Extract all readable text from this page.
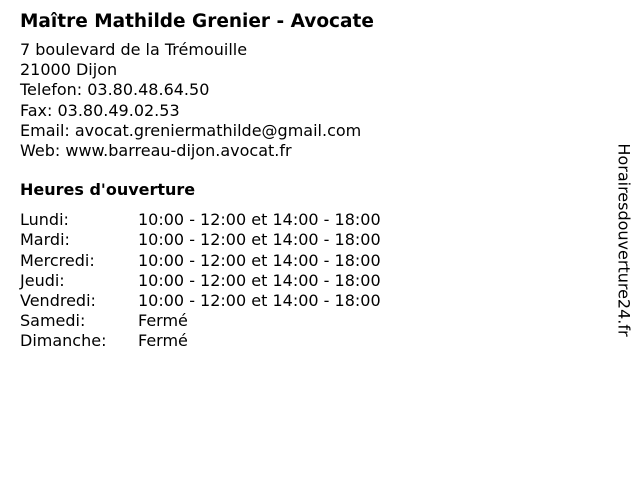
Maître Mathilde Grenier - Avocate
7 boulevard de la Trémouille
21000 Dijon
Telefon: 03.80.48.64.50
Fax: 03.80.49.02.53
Email: avocat.greniermathilde@gmail.com
Web: www.barreau-dijon.avocat.fr
Heures d'ouverture
Lundi:	10:00 - 12:00 et 14:00 - 18:00
Mardi:	10:00 - 12:00 et 14:00 - 18:00
Mercredi:	10:00 - 12:00 et 14:00 - 18:00
Jeudi:	10:00 - 12:00 et 14:00 - 18:00
Vendredi:	10:00 - 12:00 et 14:00 - 18:00
Samedi:	Fermé
Dimanche:	Fermé
Horairesdouverture24.fr
